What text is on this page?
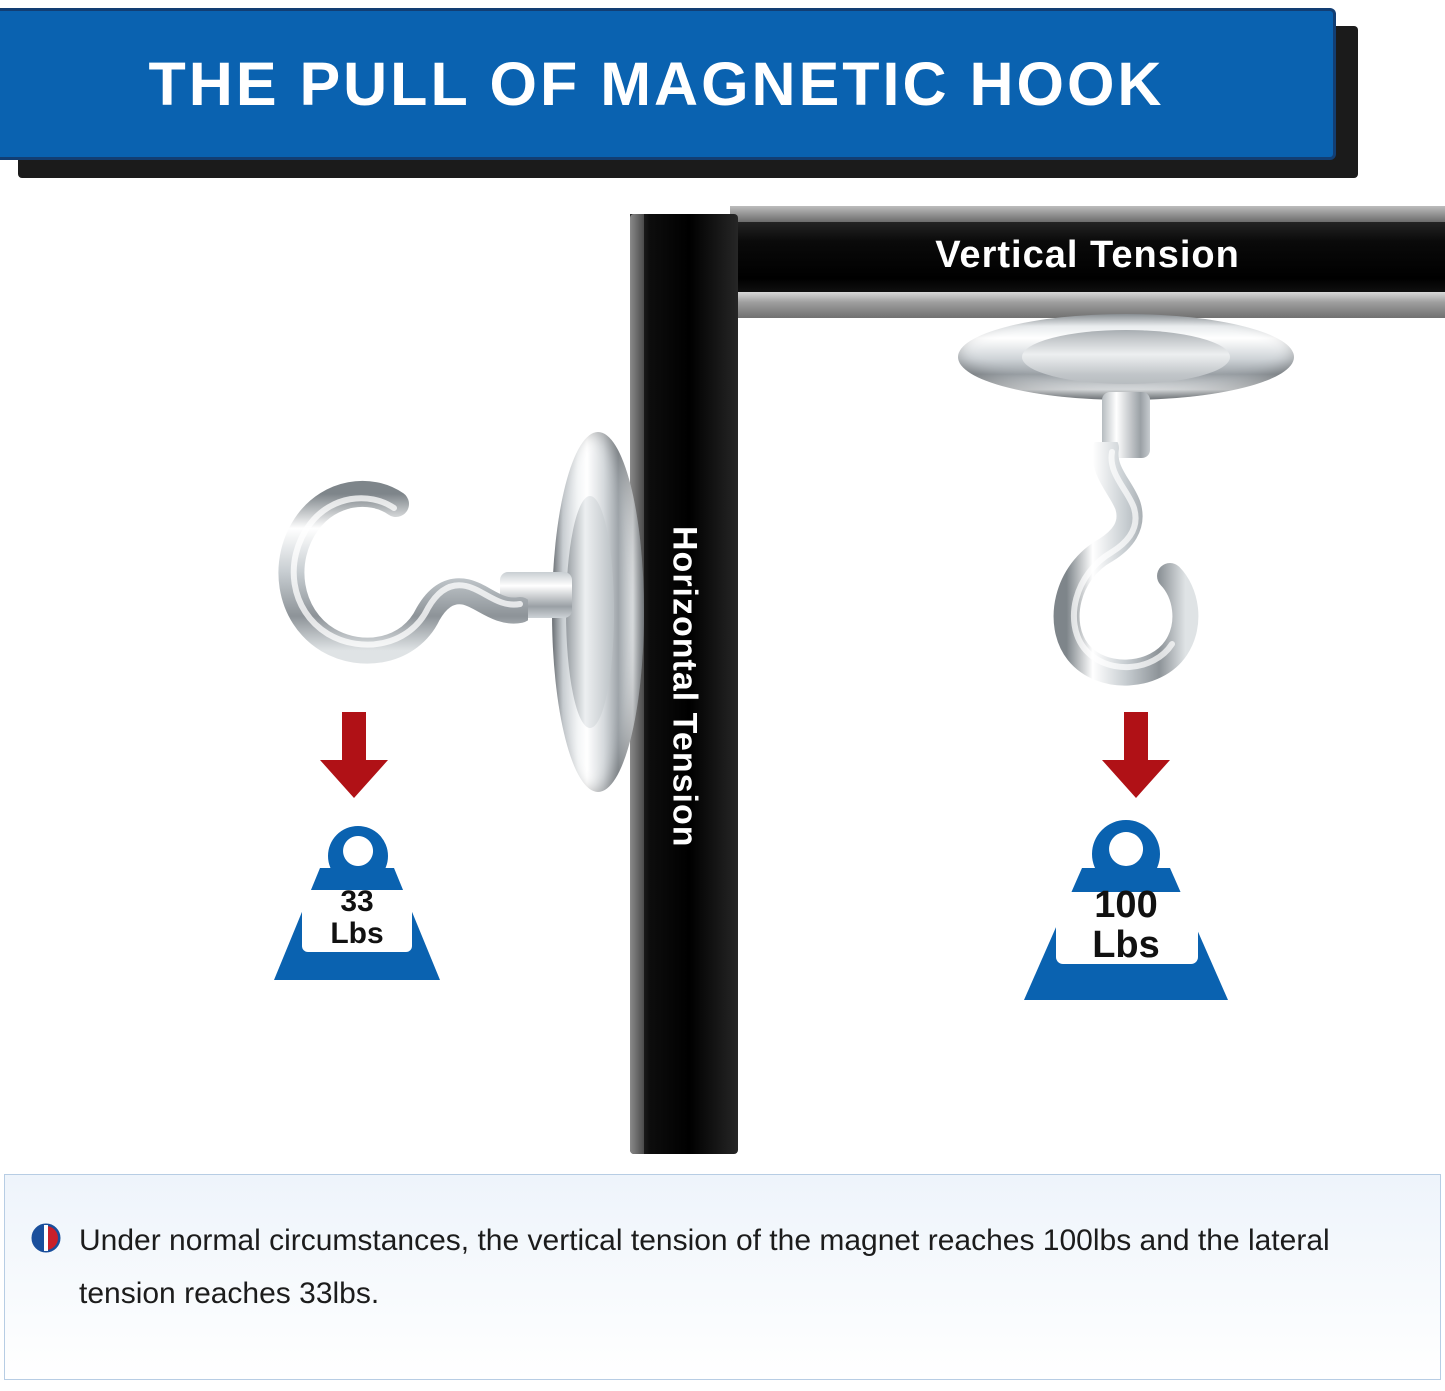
THE PULL OF MAGNETIC HOOK
Vertical Tension
Horizontal Tension
33
Lbs
100
Lbs
Under normal circumstances, the vertical tension of the magnet reaches 100lbs and the lateral tension reaches 33lbs.
